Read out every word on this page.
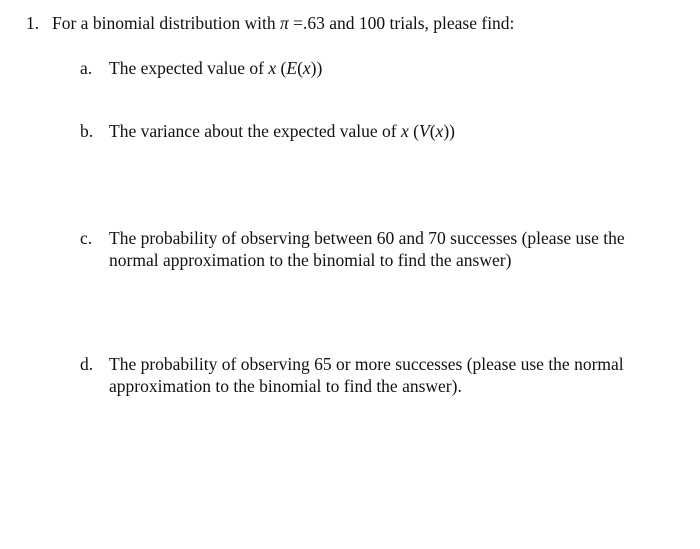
1. For a binomial distribution with π =.63 and 100 trials, please find:
a. The expected value of x (E(x))
b. The variance about the expected value of x (V(x))
c. The probability of observing between 60 and 70 successes (please use the
normal approximation to the binomial to find the answer)
d. The probability of observing 65 or more successes (please use the normal
approximation to the binomial to find the answer).
